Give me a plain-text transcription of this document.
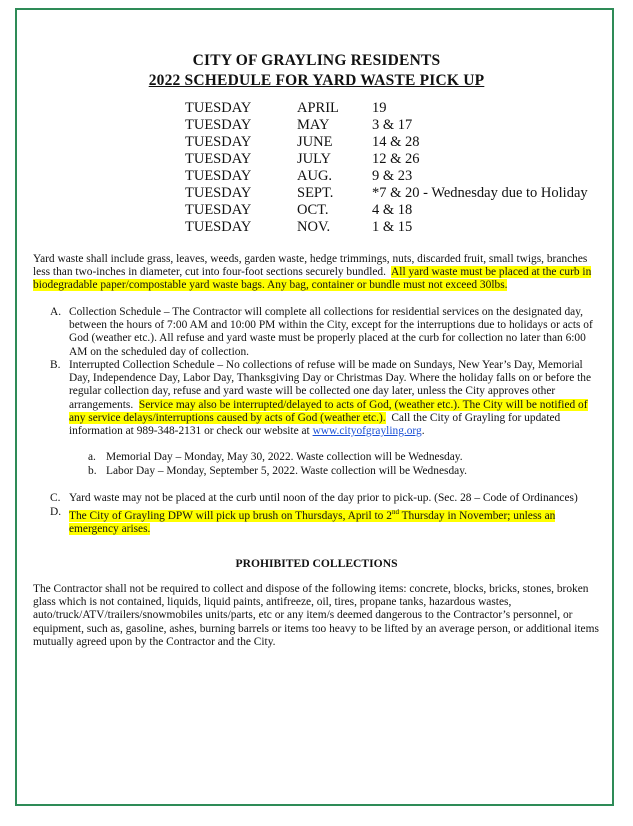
CITY OF GRAYLING RESIDENTS
2022 SCHEDULE FOR YARD WASTE PICK UP
TUESDAY	APRIL 19
TUESDAY	MAY	3 & 17
TUESDAY	JUNE	14 & 28
TUESDAY	JULY	12 & 26
TUESDAY	AUG.	9 & 23
TUESDAY	SEPT.	*7 & 20 - Wednesday due to Holiday
TUESDAY	OCT.	4 & 18
TUESDAY	NOV.	1 & 15
Yard waste shall include grass, leaves, weeds, garden waste, hedge trimmings, nuts, discarded fruit, small twigs, branches less than two-inches in diameter, cut into four-foot sections securely bundled. All yard waste must be placed at the curb in biodegradable paper/compostable yard waste bags. Any bag, container or bundle must not exceed 30lbs.
A. Collection Schedule – The Contractor will complete all collections for residential services on the designated day, between the hours of 7:00 AM and 10:00 PM within the City, except for the interruptions due to holidays or acts of God (weather etc.). All refuse and yard waste must be properly placed at the curb for collection no later than 6:00 AM on the scheduled day of collection.
B. Interrupted Collection Schedule – No collections of refuse will be made on Sundays, New Year’s Day, Memorial Day, Independence Day, Labor Day, Thanksgiving Day or Christmas Day. Where the holiday falls on or before the regular collection day, refuse and yard waste will be collected one day later, unless the City approves other arrangements. Service may also be interrupted/delayed to acts of God, (weather etc.). The City will be notified of any service delays/interruptions caused by acts of God (weather etc.). Call the City of Grayling for updated information at 989-348-2131 or check our website at www.cityofgrayling.org.
a. Memorial Day – Monday, May 30, 2022. Waste collection will be Wednesday.
b. Labor Day – Monday, September 5, 2022. Waste collection will be Wednesday.
C. Yard waste may not be placed at the curb until noon of the day prior to pick-up. (Sec. 28 – Code of Ordinances)
D. The City of Grayling DPW will pick up brush on Thursdays, April to 2nd Thursday in November; unless an emergency arises.
PROHIBITED COLLECTIONS
The Contractor shall not be required to collect and dispose of the following items: concrete, blocks, bricks, stones, broken glass which is not contained, liquids, liquid paints, antifreeze, oil, tires, propane tanks, hazardous wastes, auto/truck/ATV/trailers/snowmobiles units/parts, etc or any item/s deemed dangerous to the Contractor’s personnel, or equipment, such as, gasoline, ashes, burning barrels or items too heavy to be lifted by an average person, or additional items mutually agreed upon by the Contractor and the City.
